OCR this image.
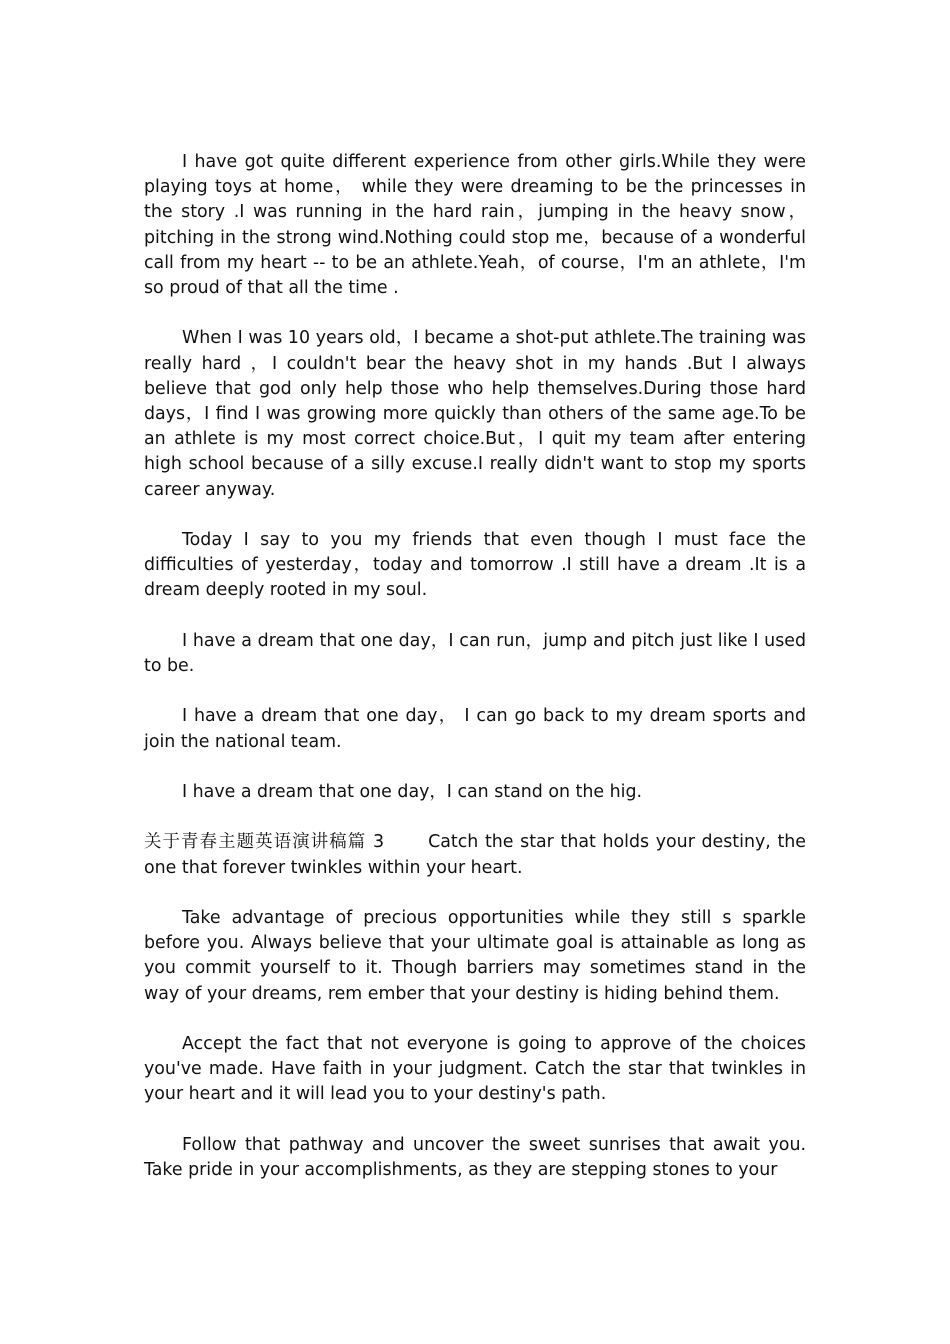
I have got quite different experience from other girls.While they were playing toys at home， while they were dreaming to be the princesses in the story .I was running in the hard rain，jumping in the heavy snow， pitching in the strong wind.Nothing could stop me，because of a wonderful call from my heart -- to be an athlete.Yeah，of course，I'm an athlete，I'm so proud of that all the time .

When I was 10 years old，I became a shot-put athlete.The training was really hard ，I couldn't bear the heavy shot in my hands .But I always believe that god only help those who help themselves.During those hard days，I find I was growing more quickly than others of the same age.To be an athlete is my most correct choice.But，I quit my team after entering high school because of a silly excuse.I really didn't want to stop my sports career anyway.

Today I say to you my friends that even though I must face the difficulties of yesterday，today and tomorrow .I still have a dream .It is a dream deeply rooted in my soul.

I have a dream that one day，I can run，jump and pitch just like I used to be.

I have a dream that one day， I can go back to my dream sports and join the national team.

I have a dream that one day，I can stand on the hig.

关于青春主题英语演讲稿篇 3	Catch the star that holds your destiny, the one that forever twinkles within your heart.

Take advantage of precious opportunities while they still s sparkle before you. Always believe that your ultimate goal is attainable as long as you commit yourself to it. Though barriers may sometimes stand in the way of your dreams, rem ember that your destiny is hiding behind them.

Accept the fact that not everyone is going to approve of the choices you've made. Have faith in your judgment. Catch the star that twinkles in your heart and it will lead you to your destiny's path.

Follow that pathway and uncover the sweet sunrises that await you. Take pride in your accomplishments, as they are stepping stones to your
